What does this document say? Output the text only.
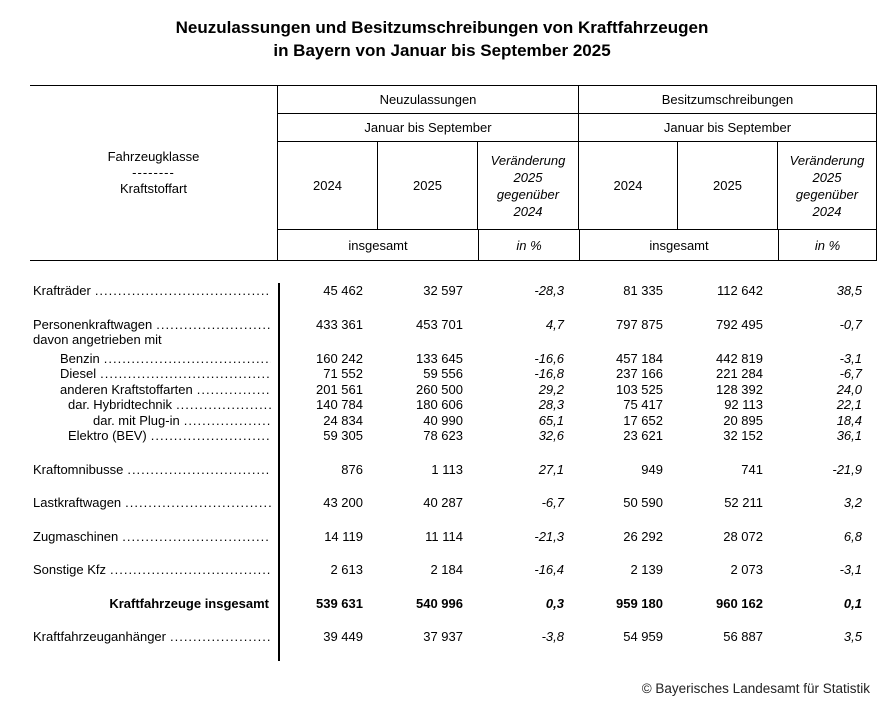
Neuzulassungen und Besitzumschreibungen von Kraftfahrzeugen
in Bayern von Januar bis September 2025
Fahrzeugklasse
--------
Kraftstoffart
Neuzulassungen	Besitzumschreibungen
Januar bis September	Januar bis September
2024	2025
Veränderung 2025 gegenüber 2024
2024	2025
Veränderung 2025 gegenüber 2024
insgesamt	in %	insgesamt	in %
Krafträder .....	45 462	32 597	-28,3	81 335	112 642	38,5
Personenkraftwagen .....	433 361	453 701	4,7	797 875	792 495	-0,7
davon angetrieben mit
Benzin .....	160 242	133 645	-16,6	457 184	442 819	-3,1
Diesel .....	71 552	59 556	-16,8	237 166	221 284	-6,7
anderen Kraftstoffarten .....	201 561	260 500	29,2	103 525	128 392	24,0
dar. Hybridtechnik .....	140 784	180 606	28,3	75 417	92 113	22,1
dar. mit Plug-in .....	24 834	40 990	65,1	17 652	20 895	18,4
Elektro (BEV) .....	59 305	78 623	32,6	23 621	32 152	36,1
Kraftomnibusse .....	876	1 113	27,1	949	741	-21,9
Lastkraftwagen .....	43 200	40 287	-6,7	50 590	52 211	3,2
Zugmaschinen .....	14 119	11 114	-21,3	26 292	28 072	6,8
Sonstige Kfz .....	2 613	2 184	-16,4	2 139	2 073	-3,1
Kraftfahrzeuge insgesamt	539 631	540 996	0,3	959 180	960 162	0,1
Kraftfahrzeuganhänger .....	39 449	37 937	-3,8	54 959	56 887	3,5
© Bayerisches Landesamt für Statistik
